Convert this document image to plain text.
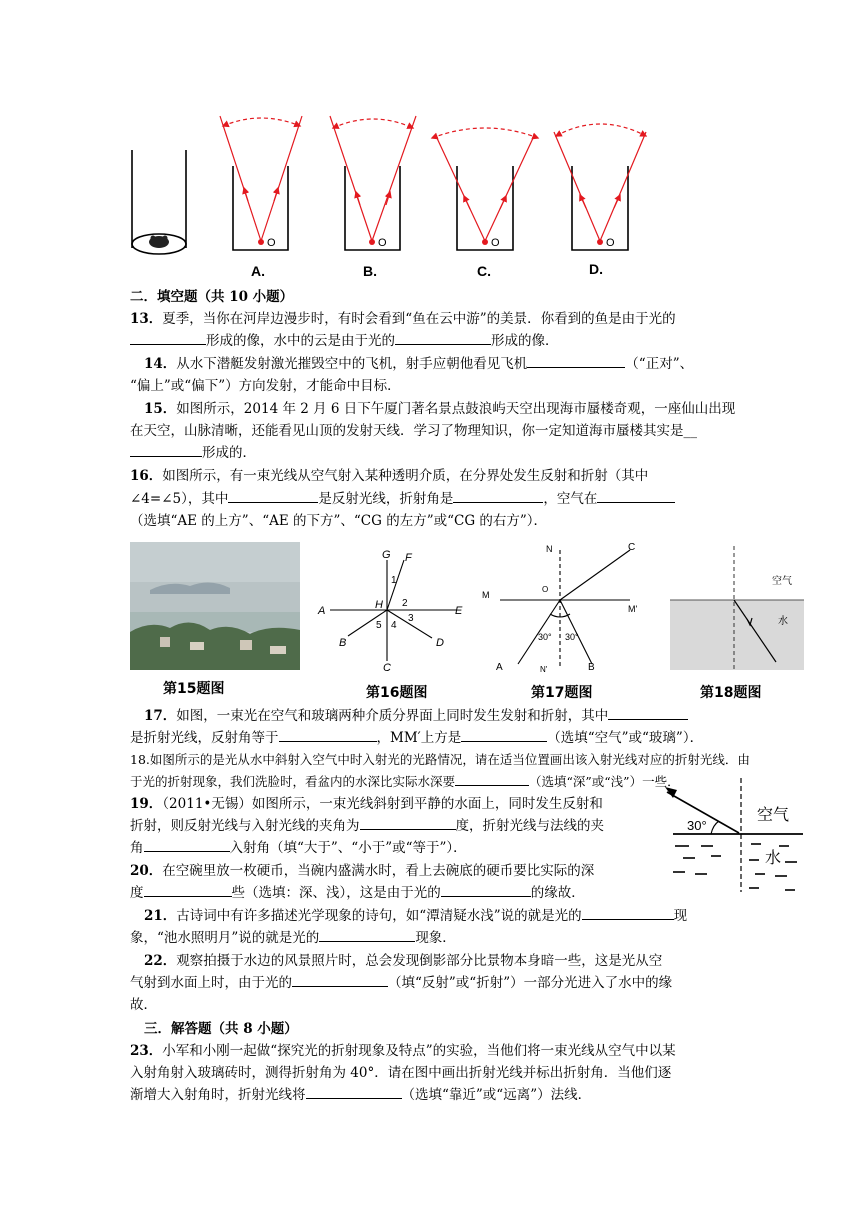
O
A.
O
B.
O
C.
O
D.
二．填空题（共 10 小题）
13．夏季，当你在河岸边漫步时，有时会看到“鱼在云中游”的美景．你看到的鱼是由于光的
形成的像，水中的云是由于光的	形成的像．
14．从水下潜艇发射激光摧毁空中的飞机，射手应朝他看见飞机	（“正对”、
“偏上”或“偏下”）方向发射，才能命中目标．
15．如图所示，2014 年 2 月 6 日下午厦门著名景点鼓浪屿天空出现海市蜃楼奇观，一座仙山出现
在天空，山脉清晰，还能看见山顶的发射天线．学习了物理知识，你一定知道海市蜃楼其实是__
形成的．
16．如图所示，有一束光线从空气射入某种透明介质，在分界处发生反射和折射（其中
∠4=∠5），其中	是反射光线，折射角是	，空气在
（选填“AE 的上方”、“AE 的下方”、“CG 的左方”或“CG 的右方”）．
G F
A	H	E
B	D
C
1
2
3
4
5
N	C
M
O
M'
30° 30°
A	N'	B
空气
水
第15题图	第16题图	第17题图	第18题图
17．如图，一束光在空气和玻璃两种介质分界面上同时发生发射和折射，其中
是折射光线，反射角等于	，MM′上方是	（选填“空气”或“玻璃”）．
18.如图所示的是光从水中斜射入空气中时入射光的光路情况，请在适当位置画出该入射光线对应的折射光线．由
于光的折射现象，我们洗脸时，看盆内的水深比实际水深要	（选填“深”或“浅”）一些．
19．（2011•无锡）如图所示，一束光线斜射到平静的水面上，同时发生反射和
折射，则反射光线与入射光线的夹角为	度，折射光线与法线的夹
角	入射角（填“大于”、“小于”或“等于”）．
30°
空气
水
20．在空碗里放一枚硬币，当碗内盛满水时，看上去碗底的硬币要比实际的深
度	些（选填：深、浅），这是由于光的	的缘故．
21．古诗词中有许多描述光学现象的诗句，如“潭清疑水浅”说的就是光的	现
象，“池水照明月”说的就是光的	现象．
22．观察拍摄于水边的风景照片时，总会发现倒影部分比景物本身暗一些，这是光从空
气射到水面上时，由于光的	（填“反射”或“折射”）一部分光进入了水中的缘
故．
三．解答题（共 8 小题）
23．小军和小刚一起做“探究光的折射现象及特点”的实验，当他们将一束光线从空气中以某
入射角射入玻璃砖时，测得折射角为 40°．请在图中画出折射光线并标出折射角．当他们逐
渐增大入射角时，折射光线将	（选填“靠近”或“远离”）法线．
